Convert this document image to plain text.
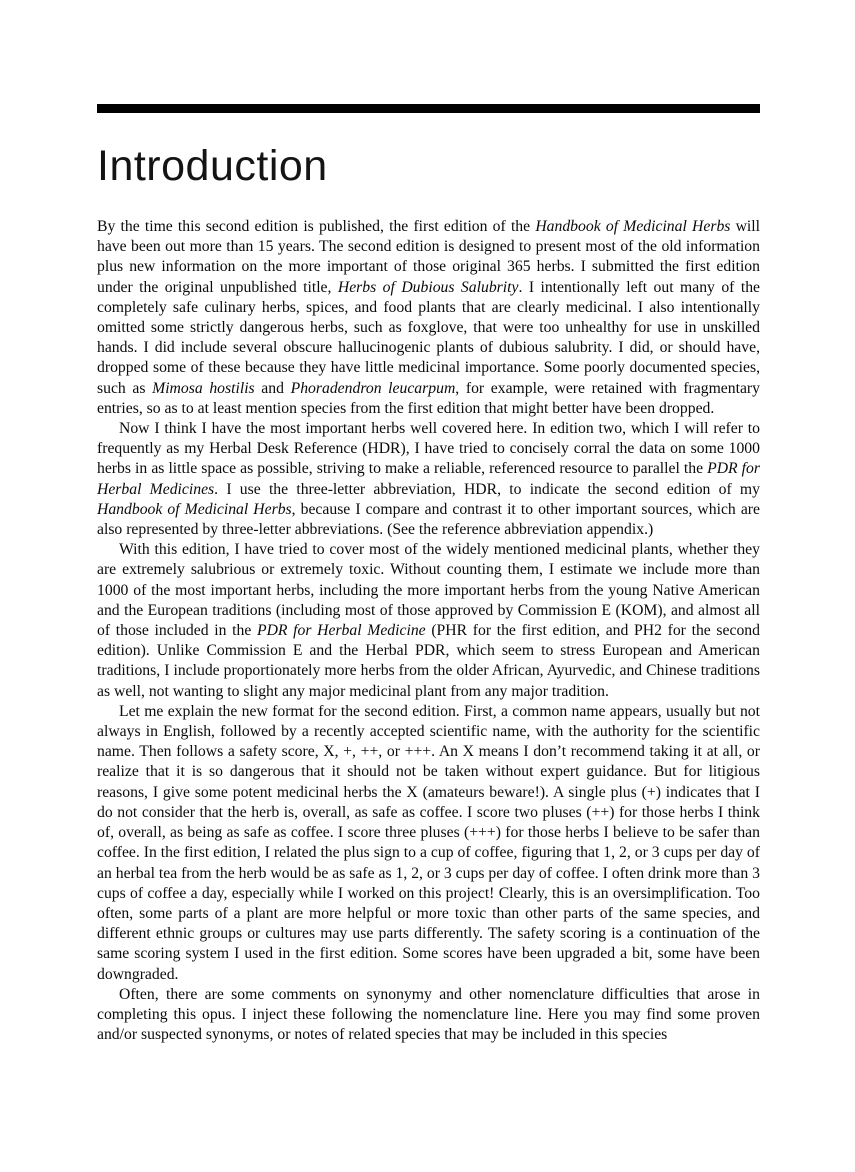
Introduction

By the time this second edition is published, the first edition of the Handbook of Medicinal Herbs will have been out more than 15 years. The second edition is designed to present most of the old information plus new information on the more important of those original 365 herbs. I submitted the first edition under the original unpublished title, Herbs of Dubious Salubrity. I intentionally left out many of the completely safe culinary herbs, spices, and food plants that are clearly medicinal. I also intentionally omitted some strictly dangerous herbs, such as foxglove, that were too unhealthy for use in unskilled hands. I did include several obscure hallucinogenic plants of dubious salubrity. I did, or should have, dropped some of these because they have little medicinal importance. Some poorly documented species, such as Mimosa hostilis and Phoradendron leucarpum, for example, were retained with fragmentary entries, so as to at least mention species from the first edition that might better have been dropped.

Now I think I have the most important herbs well covered here. In edition two, which I will refer to frequently as my Herbal Desk Reference (HDR), I have tried to concisely corral the data on some 1000 herbs in as little space as possible, striving to make a reliable, referenced resource to parallel the PDR for Herbal Medicines. I use the three-letter abbreviation, HDR, to indicate the second edition of my Handbook of Medicinal Herbs, because I compare and contrast it to other important sources, which are also represented by three-letter abbreviations. (See the reference abbreviation appendix.)

With this edition, I have tried to cover most of the widely mentioned medicinal plants, whether they are extremely salubrious or extremely toxic. Without counting them, I estimate we include more than 1000 of the most important herbs, including the more important herbs from the young Native American and the European traditions (including most of those approved by Commission E (KOM), and almost all of those included in the PDR for Herbal Medicine (PHR for the first edition, and PH2 for the second edition). Unlike Commission E and the Herbal PDR, which seem to stress European and American traditions, I include proportionately more herbs from the older African, Ayurvedic, and Chinese traditions as well, not wanting to slight any major medicinal plant from any major tradition.

Let me explain the new format for the second edition. First, a common name appears, usually but not always in English, followed by a recently accepted scientific name, with the authority for the scientific name. Then follows a safety score, X, +, ++, or +++. An X means I don’t recommend taking it at all, or realize that it is so dangerous that it should not be taken without expert guidance. But for litigious reasons, I give some potent medicinal herbs the X (amateurs beware!). A single plus (+) indicates that I do not consider that the herb is, overall, as safe as coffee. I score two pluses (++) for those herbs I think of, overall, as being as safe as coffee. I score three pluses (+++) for those herbs I believe to be safer than coffee. In the first edition, I related the plus sign to a cup of coffee, figuring that 1, 2, or 3 cups per day of an herbal tea from the herb would be as safe as 1, 2, or 3 cups per day of coffee. I often drink more than 3 cups of coffee a day, especially while I worked on this project! Clearly, this is an oversimplification. Too often, some parts of a plant are more helpful or more toxic than other parts of the same species, and different ethnic groups or cultures may use parts differently. The safety scoring is a continuation of the same scoring system I used in the first edition. Some scores have been upgraded a bit, some have been downgraded.

Often, there are some comments on synonymy and other nomenclature difficulties that arose in completing this opus. I inject these following the nomenclature line. Here you may find some proven and/or suspected synonyms, or notes of related species that may be included in this species
